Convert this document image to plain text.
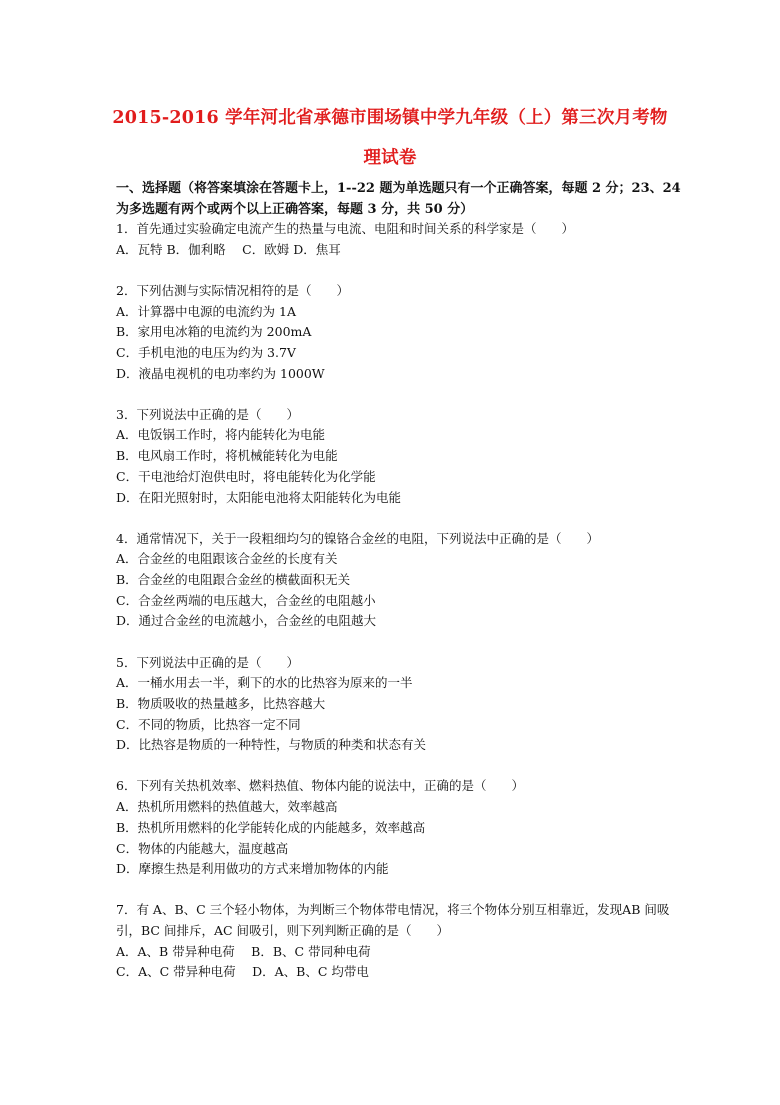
2015-2016 学年河北省承德市围场镇中学九年级（上）第三次月考物
理试卷
一、选择题（将答案填涂在答题卡上，1--22 题为单选题只有一个正确答案，每题 2 分；23、24 为多选题有两个或两个以上正确答案，每题 3 分，共 50 分）

1．首先通过实验确定电流产生的热量与电流、电阻和时间关系的科学家是（　　）

A．瓦特 B．伽利略　 C．欧姆 D．焦耳

2．下列估测与实际情况相符的是（　　）

A．计算器中电源的电流约为 1A

B．家用电冰箱的电流约为 200mA

C．手机电池的电压为约为 3.7V

D．液晶电视机的电功率约为 1000W

3．下列说法中正确的是（　　）

A．电饭锅工作时，将内能转化为电能

B．电风扇工作时，将机械能转化为电能

C．干电池给灯泡供电时，将电能转化为化学能

D．在阳光照射时，太阳能电池将太阳能转化为电能

4．通常情况下，关于一段粗细均匀的镍铬合金丝的电阻，下列说法中正确的是（　　）

A．合金丝的电阻跟该合金丝的长度有关

B．合金丝的电阻跟合金丝的横截面积无关

C．合金丝两端的电压越大，合金丝的电阻越小

D．通过合金丝的电流越小，合金丝的电阻越大

5．下列说法中正确的是（　　）

A．一桶水用去一半，剩下的水的比热容为原来的一半

B．物质吸收的热量越多，比热容越大

C．不同的物质，比热容一定不同

D．比热容是物质的一种特性，与物质的种类和状态有关

6．下列有关热机效率、燃料热值、物体内能的说法中，正确的是（　　）

A．热机所用燃料的热值越大，效率越高

B．热机所用燃料的化学能转化成的内能越多，效率越高

C．物体的内能越大，温度越高

D．摩擦生热是利用做功的方式来增加物体的内能

7．有 A、B、C 三个轻小物体，为判断三个物体带电情况，将三个物体分别互相靠近，发现AB 间吸引，BC 间排斥，AC 间吸引，则下列判断正确的是（　　）

A．A、B 带异种电荷　 B．B、C 带同种电荷

C．A、C 带异种电荷　 D．A、B、C 均带电
